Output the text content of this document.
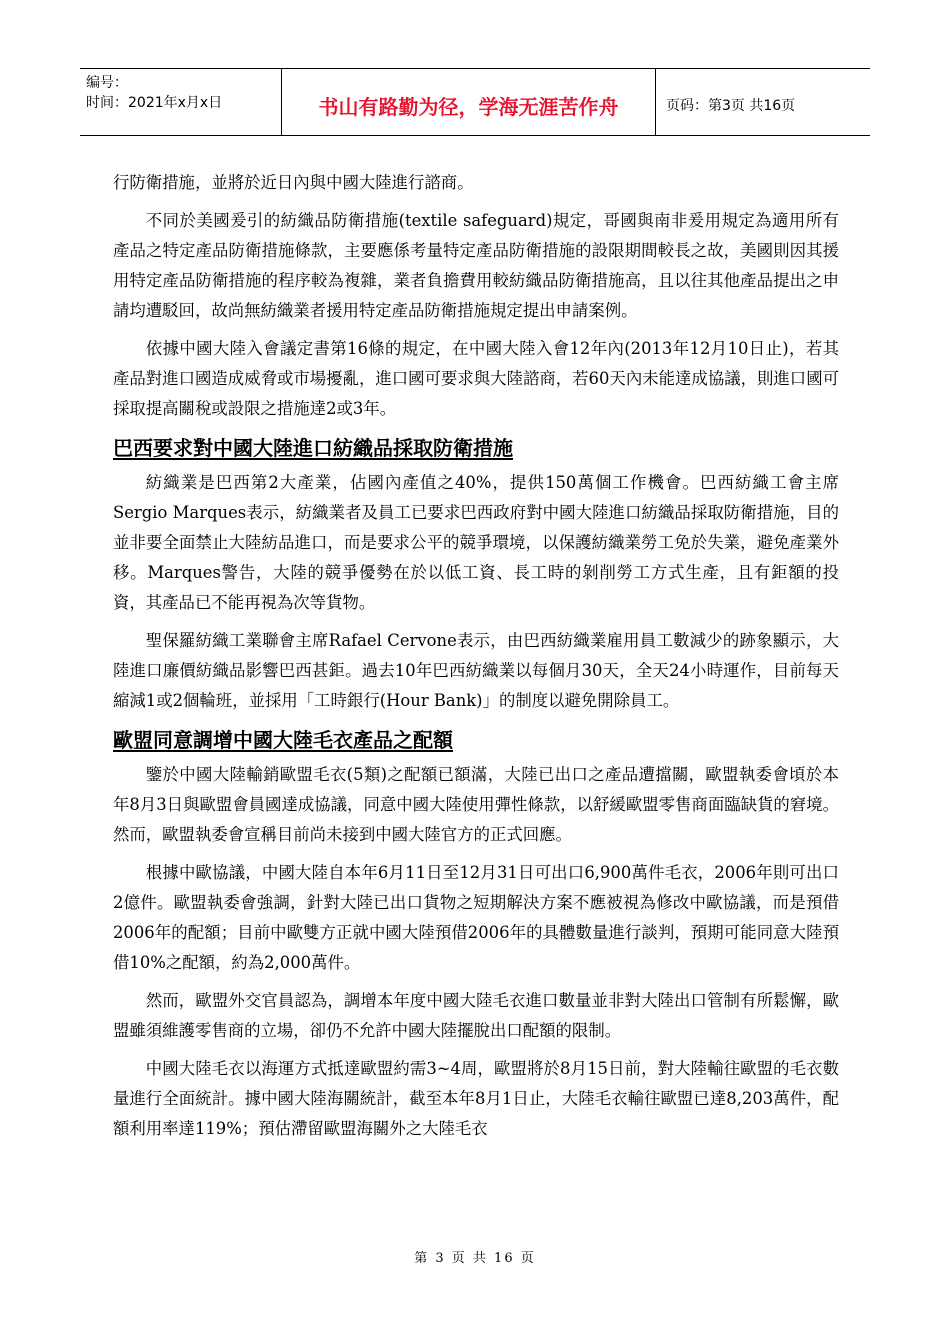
编号：
时间：2021年x月x日	书山有路勤为径，学海无涯苦作舟	页码：第3页 共16页

行防衛措施，並將於近日內與中國大陸進行諮商。

不同於美國爰引的紡織品防衛措施(textile safeguard)規定，哥國與南非爰用規定為適用所有產品之特定產品防衛措施條款，主要應係考量特定產品防衛措施的設限期間較長之故，美國則因其援用特定產品防衛措施的程序較為複雜，業者負擔費用較紡織品防衛措施高，且以往其他產品提出之申請均遭駁回，故尚無紡織業者援用特定產品防衛措施規定提出申請案例。

依據中國大陸入會議定書第16條的規定，在中國大陸入會12年內(2013年12月10日止)，若其產品對進口國造成威脅或市場擾亂，進口國可要求與大陸諮商，若60天內未能達成協議，則進口國可採取提高關稅或設限之措施達2或3年。

巴西要求對中國大陸進口紡織品採取防衛措施

紡織業是巴西第2大產業，佔國內產值之40%，提供150萬個工作機會。巴西紡織工會主席Sergio Marques表示，紡織業者及員工已要求巴西政府對中國大陸進口紡織品採取防衛措施，目的並非要全面禁止大陸紡品進口，而是要求公平的競爭環境，以保護紡織業勞工免於失業，避免產業外移。Marques警告，大陸的競爭優勢在於以低工資、長工時的剝削勞工方式生產，且有鉅額的投資，其產品已不能再視為次等貨物。

聖保羅紡織工業聯會主席Rafael Cervone表示，由巴西紡織業雇用員工數減少的跡象顯示，大陸進口廉價紡織品影響巴西甚鉅。過去10年巴西紡織業以每個月30天，全天24小時運作，目前每天縮減1或2個輪班，並採用「工時銀行(Hour Bank)」的制度以避免開除員工。

歐盟同意調增中國大陸毛衣產品之配額

鑒於中國大陸輸銷歐盟毛衣(5類)之配額已額滿，大陸已出口之產品遭擋關，歐盟執委會頃於本年8月3日與歐盟會員國達成協議，同意中國大陸使用彈性條款，以舒緩歐盟零售商面臨缺貨的窘境。然而，歐盟執委會宣稱目前尚未接到中國大陸官方的正式回應。

根據中歐協議，中國大陸自本年6月11日至12月31日可出口6,900萬件毛衣，2006年則可出口2億件。歐盟執委會強調，針對大陸已出口貨物之短期解決方案不應被視為修改中歐協議，而是預借2006年的配額；目前中歐雙方正就中國大陸預借2006年的具體數量進行談判，預期可能同意大陸預借10%之配額，約為2,000萬件。

然而，歐盟外交官員認為，調增本年度中國大陸毛衣進口數量並非對大陸出口管制有所鬆懈，歐盟雖須維護零售商的立場，卻仍不允許中國大陸擺脫出口配額的限制。

中國大陸毛衣以海運方式抵達歐盟約需3~4周，歐盟將於8月15日前，對大陸輸往歐盟的毛衣數量進行全面統計。據中國大陸海關統計，截至本年8月1日止，大陸毛衣輸往歐盟已達8,203萬件，配額利用率達119%；預估滯留歐盟海關外之大陸毛衣

第 3 页 共 16 页
